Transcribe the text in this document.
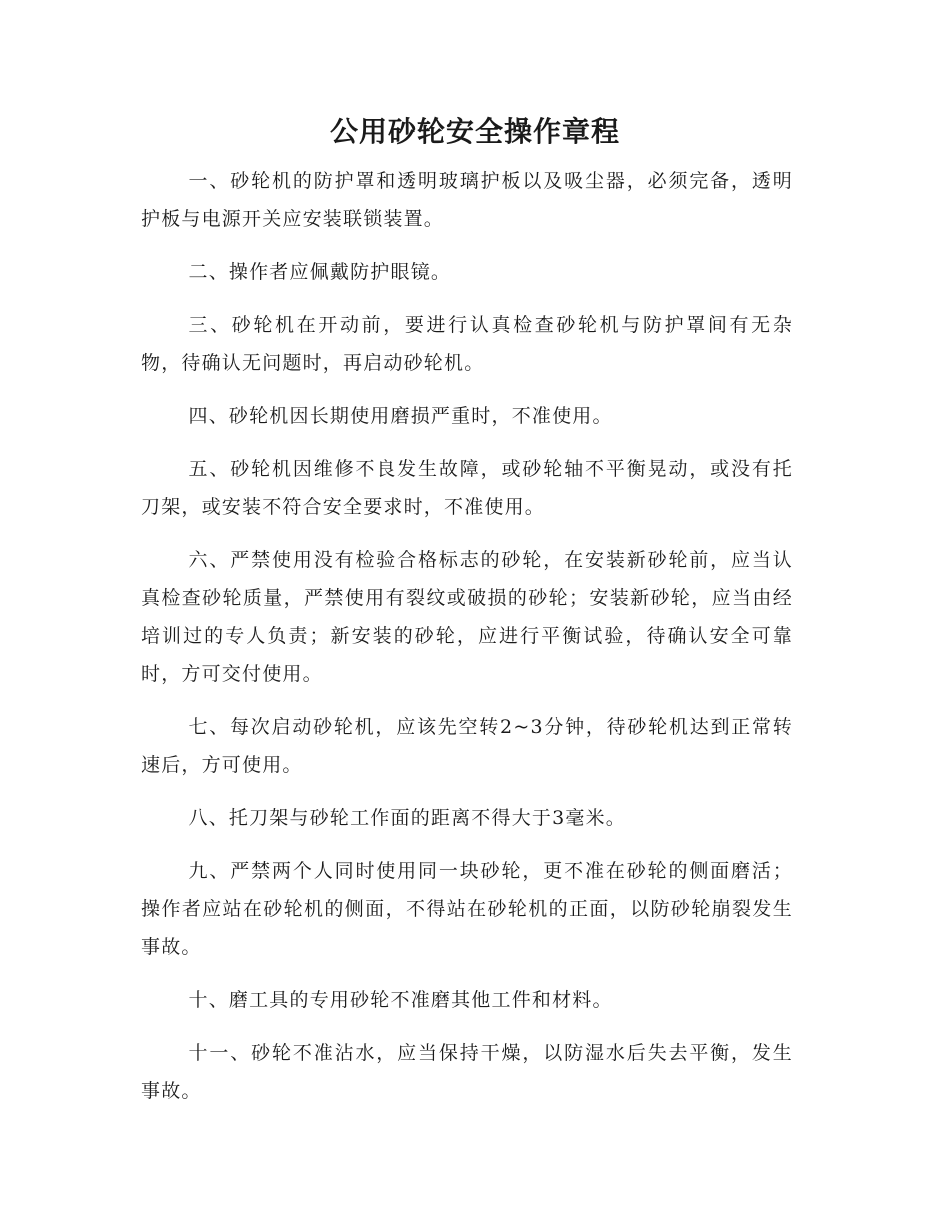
公用砂轮安全操作章程

一、砂轮机的防护罩和透明玻璃护板以及吸尘器，必须完备，透明护板与电源开关应安装联锁装置。

二、操作者应佩戴防护眼镜。

三、砂轮机在开动前，要进行认真检查砂轮机与防护罩间有无杂物，待确认无问题时，再启动砂轮机。

四、砂轮机因长期使用磨损严重时，不准使用。

五、砂轮机因维修不良发生故障，或砂轮轴不平衡晃动，或没有托刀架，或安装不符合安全要求时，不准使用。

六、严禁使用没有检验合格标志的砂轮，在安装新砂轮前，应当认真检查砂轮质量，严禁使用有裂纹或破损的砂轮；安装新砂轮，应当由经培训过的专人负责；新安装的砂轮，应进行平衡试验，待确认安全可靠时，方可交付使用。

七、每次启动砂轮机，应该先空转2~3分钟，待砂轮机达到正常转速后，方可使用。

八、托刀架与砂轮工作面的距离不得大于3毫米。

九、严禁两个人同时使用同一块砂轮，更不准在砂轮的侧面磨活；操作者应站在砂轮机的侧面，不得站在砂轮机的正面，以防砂轮崩裂发生事故。

十、磨工具的专用砂轮不准磨其他工件和材料。

十一、砂轮不准沾水，应当保持干燥，以防湿水后失去平衡，发生事故。
